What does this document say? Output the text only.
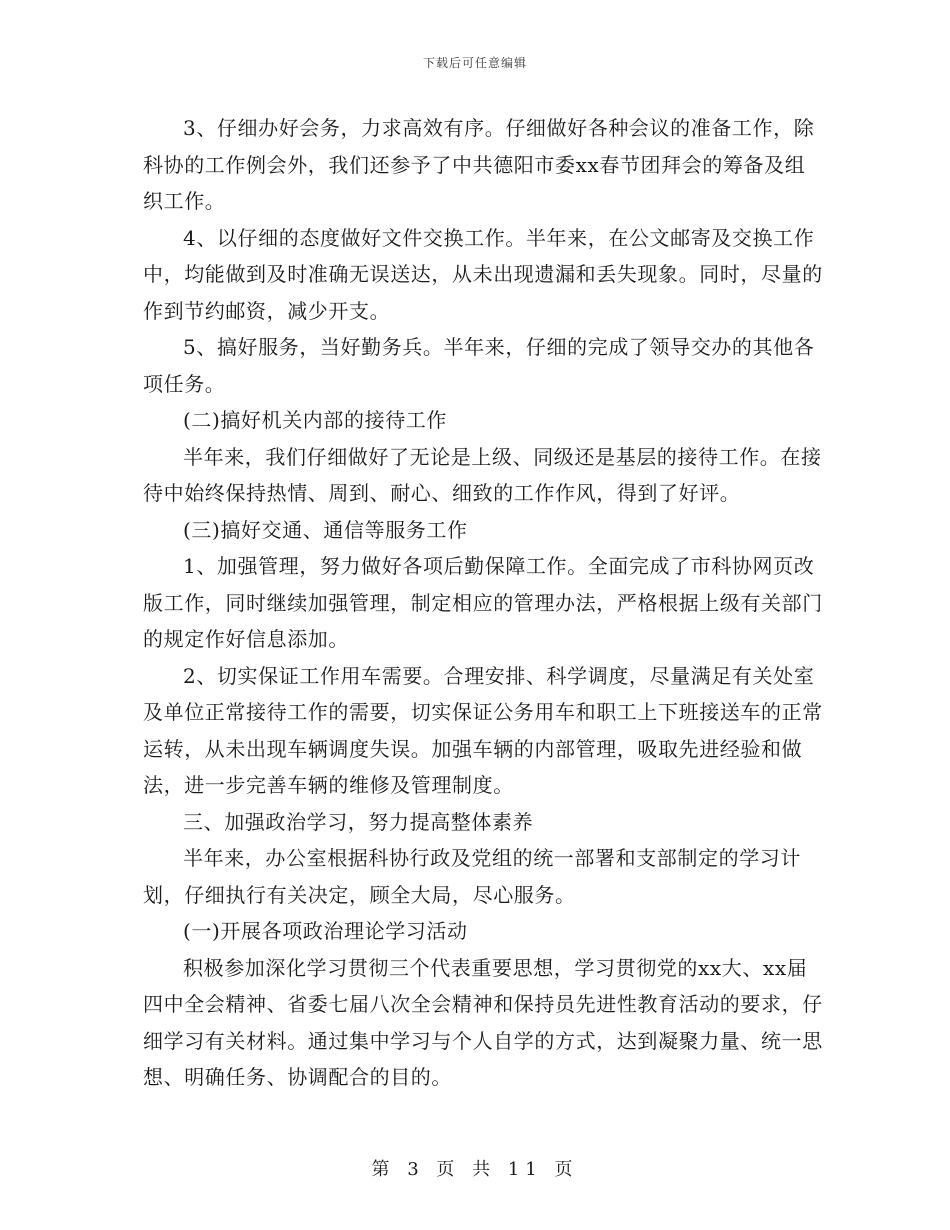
下载后可任意编辑

3、仔细办好会务，力求高效有序。仔细做好各种会议的准备工作，除科协的工作例会外，我们还参予了中共德阳市委xx春节团拜会的筹备及组织工作。

4、以仔细的态度做好文件交换工作。半年来，在公文邮寄及交换工作中，均能做到及时准确无误送达，从未出现遗漏和丢失现象。同时，尽量的作到节约邮资，减少开支。

5、搞好服务，当好勤务兵。半年来，仔细的完成了领导交办的其他各项任务。

(二)搞好机关内部的接待工作

半年来，我们仔细做好了无论是上级、同级还是基层的接待工作。在接待中始终保持热情、周到、耐心、细致的工作作风，得到了好评。

(三)搞好交通、通信等服务工作

1、加强管理，努力做好各项后勤保障工作。全面完成了市科协网页改版工作，同时继续加强管理，制定相应的管理办法，严格根据上级有关部门的规定作好信息添加。

2、切实保证工作用车需要。合理安排、科学调度，尽量满足有关处室及单位正常接待工作的需要，切实保证公务用车和职工上下班接送车的正常运转，从未出现车辆调度失误。加强车辆的内部管理，吸取先进经验和做法，进一步完善车辆的维修及管理制度。

三、加强政治学习，努力提高整体素养

半年来，办公室根据科协行政及党组的统一部署和支部制定的学习计划，仔细执行有关决定，顾全大局，尽心服务。

(一)开展各项政治理论学习活动

积极参加深化学习贯彻三个代表重要思想，学习贯彻党的xx大、xx届四中全会精神、省委七届八次全会精神和保持员先进性教育活动的要求，仔细学习有关材料。通过集中学习与个人自学的方式，达到凝聚力量、统一思想、明确任务、协调配合的目的。

第 3 页 共 11 页
